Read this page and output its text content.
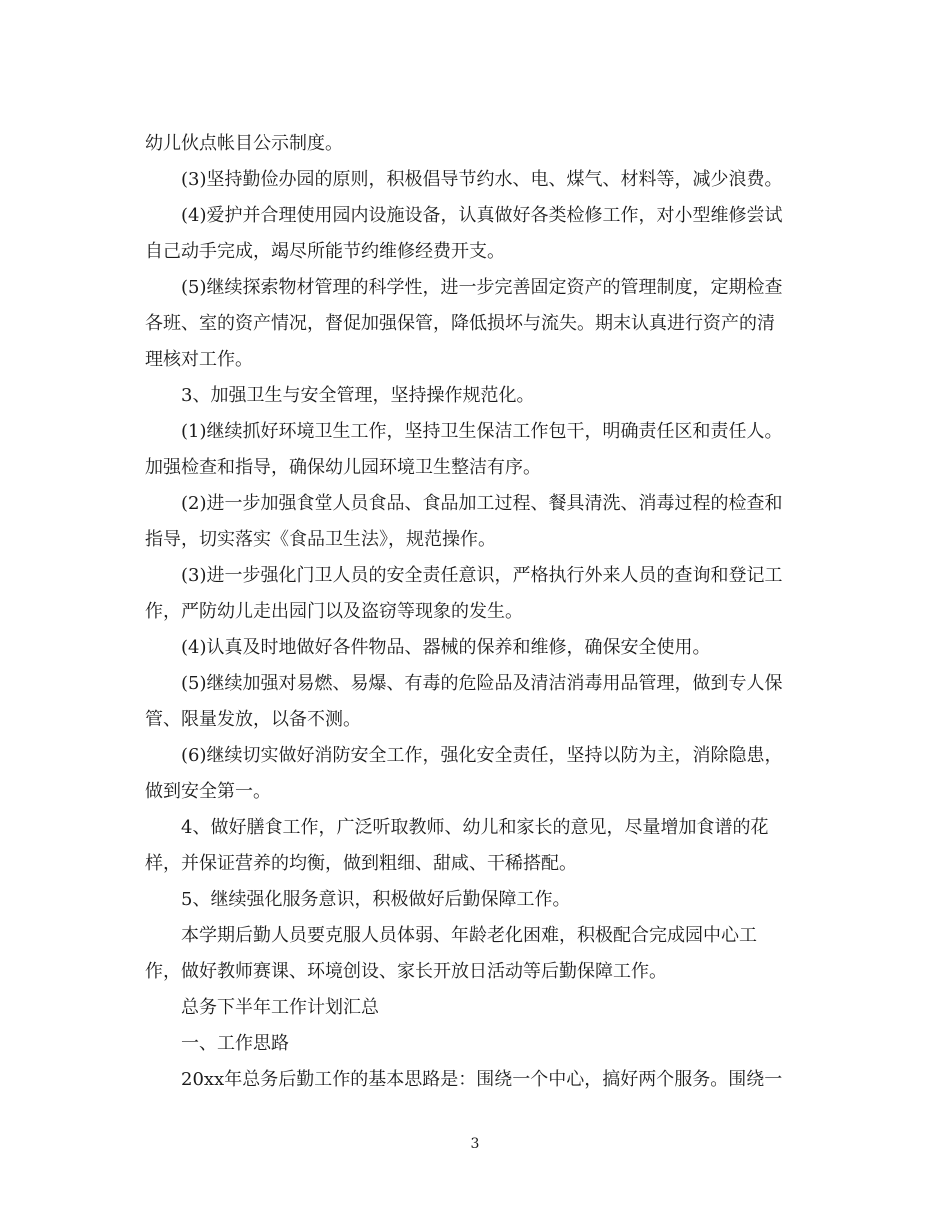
幼儿伙点帐目公示制度。

(3)坚持勤俭办园的原则，积极倡导节约水、电、煤气、材料等，减少浪费。

(4)爱护并合理使用园内设施设备，认真做好各类检修工作，对小型维修尝试

自己动手完成，竭尽所能节约维修经费开支。

(5)继续探索物材管理的科学性，进一步完善固定资产的管理制度，定期检查

各班、室的资产情况，督促加强保管，降低损坏与流失。期末认真进行资产的清

理核对工作。

3、加强卫生与安全管理，坚持操作规范化。

(1)继续抓好环境卫生工作，坚持卫生保洁工作包干，明确责任区和责任人。

加强检查和指导，确保幼儿园环境卫生整洁有序。

(2)进一步加强食堂人员食品、食品加工过程、餐具清洗、消毒过程的检查和

指导，切实落实《食品卫生法》，规范操作。

(3)进一步强化门卫人员的安全责任意识，严格执行外来人员的查询和登记工

作，严防幼儿走出园门以及盗窃等现象的发生。

(4)认真及时地做好各件物品、器械的保养和维修，确保安全使用。

(5)继续加强对易燃、易爆、有毒的危险品及清洁消毒用品管理，做到专人保

管、限量发放，以备不测。

(6)继续切实做好消防安全工作，强化安全责任，坚持以防为主，消除隐患，

做到安全第一。

4、做好膳食工作，广泛听取教师、幼儿和家长的意见，尽量增加食谱的花

样，并保证营养的均衡，做到粗细、甜咸、干稀搭配。

5、继续强化服务意识，积极做好后勤保障工作。

本学期后勤人员要克服人员体弱、年龄老化困难，积极配合完成园中心工

作，做好教师赛课、环境创设、家长开放日活动等后勤保障工作。

总务下半年工作计划汇总

一、工作思路

20xx年总务后勤工作的基本思路是：围绕一个中心，搞好两个服务。围绕一

3
